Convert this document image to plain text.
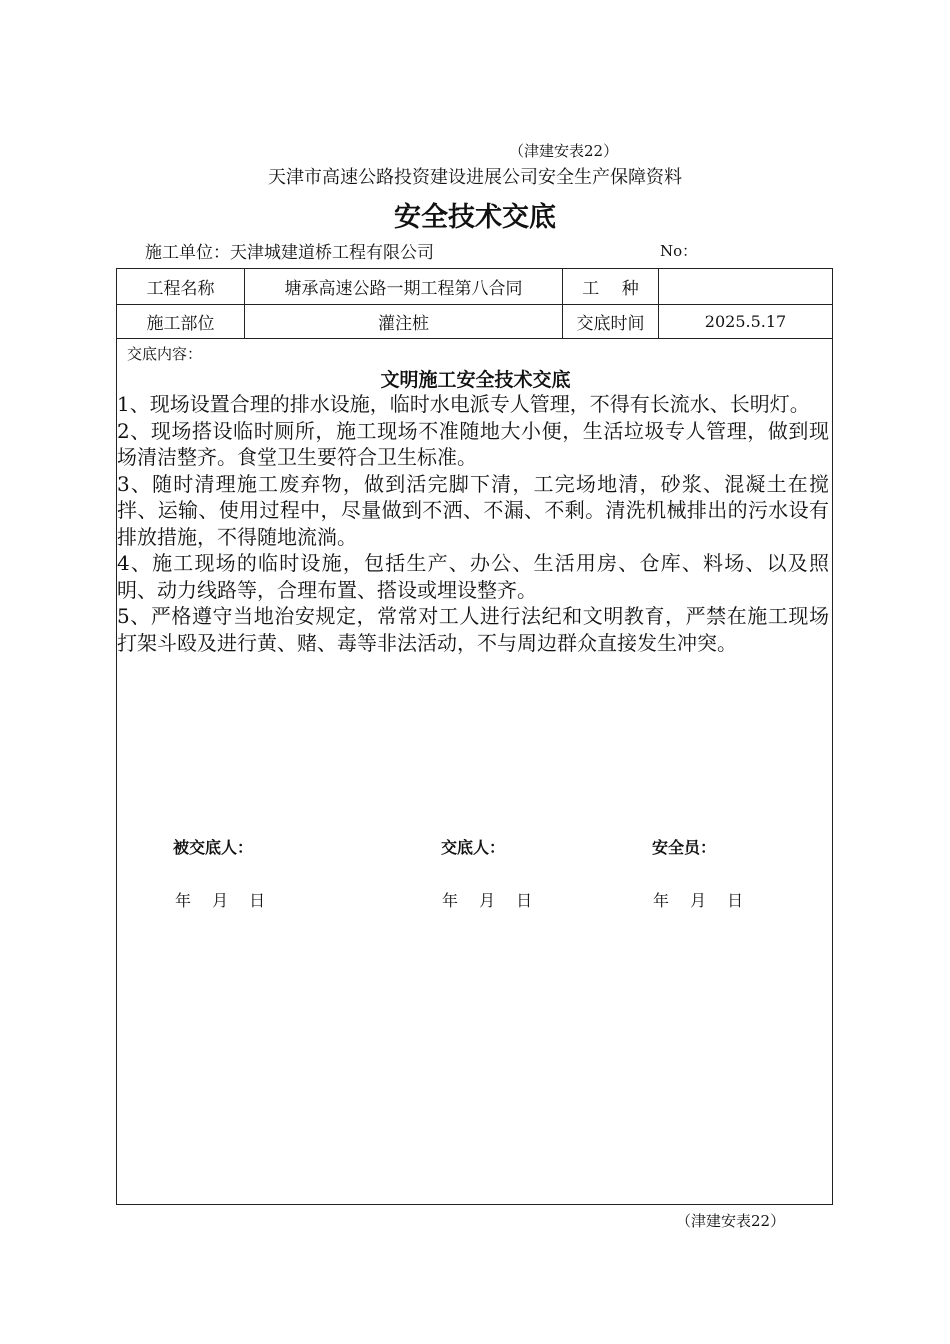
（津建安表22）
天津市高速公路投资建设进展公司安全生产保障资料
安全技术交底
施工单位：天津城建道桥工程有限公司	No：
工程名称	塘承高速公路一期工程第八合同	工　 种
施工部位	灌注桩	交底时间	2025.5.17
交底内容：
文明施工安全技术交底

1、现场设置合理的排水设施，临时水电派专人管理，不得有长流水、长明灯。

2、现场搭设临时厕所，施工现场不准随地大小便，生活垃圾专人管理，做到现场清洁整齐。食堂卫生要符合卫生标准。

3、随时清理施工废弃物，做到活完脚下清，工完场地清，砂浆、混凝土在搅拌、运输、使用过程中，尽量做到不洒、不漏、不剩。清洗机械排出的污水设有排放措施，不得随地流淌。

4、施工现场的临时设施，包括生产、办公、生活用房、仓库、料场、以及照明、动力线路等，合理布置、搭设或埋设整齐。

5、严格遵守当地治安规定，常常对工人进行法纪和文明教育，严禁在施工现场打架斗殴及进行黄、赌、毒等非法活动，不与周边群众直接发生冲突。

被交底人：	交底人：	安全员：
年　 月　 日	年　 月　 日	年　 月　 日
（津建安表22）
